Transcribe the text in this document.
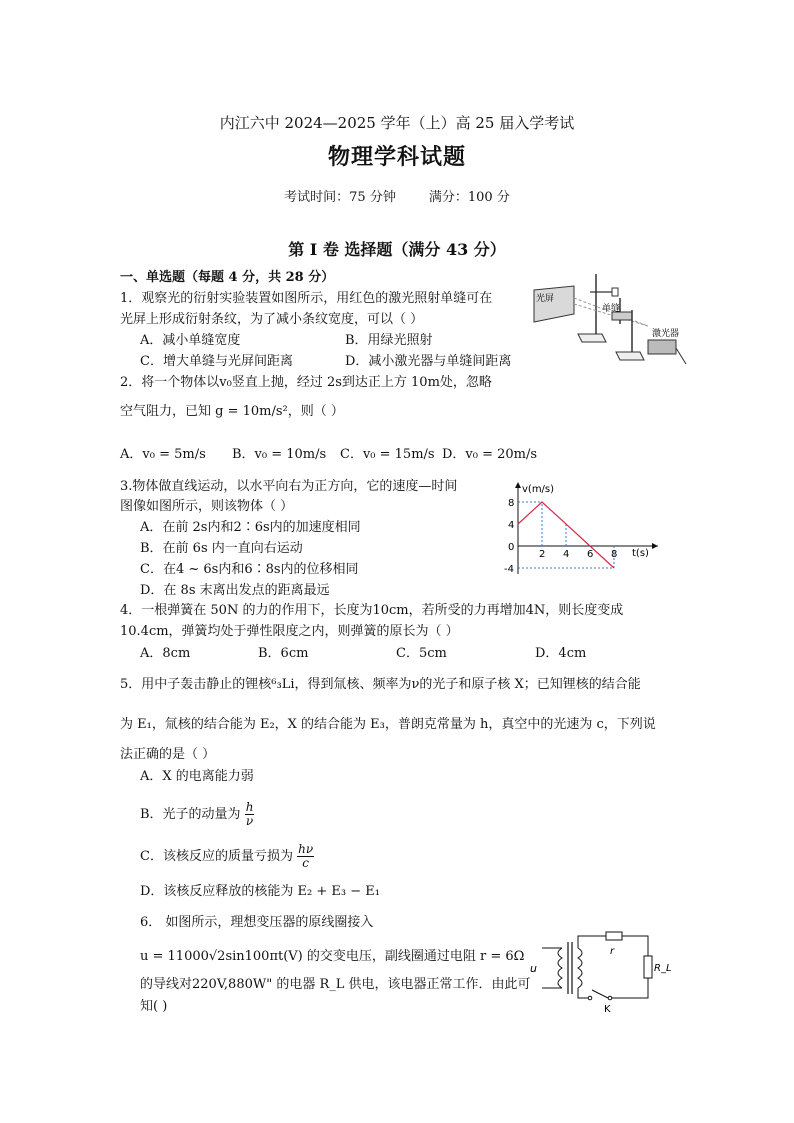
内江六中 2024—2025 学年（上）高 25 届入学考试
物理学科试题
考试时间：75 分钟        满分：100 分
第 I 卷 选择题（满分 43 分）
一、单选题（每题 4 分，共 28 分）
1．观察光的衍射实验装置如图所示，用红色的激光照射单缝可在
光屏上形成衍射条纹，为了减小条纹宽度，可以（ ）
A．减小单缝宽度	B．用绿光照射
C．增大单缝与光屏间距离	D．减小激光器与单缝间距离
光屏
单缝
激光器
2．将一个物体以v₀竖直上抛，经过 2s到达正上方 10m处，忽略
空气阻力，已知 g = 10m/s²，则（ ）
A．v₀ = 5m/s B．v₀ = 10m/s C．v₀ = 15m/s D．v₀ = 20m/s
3.物体做直线运动，以水平向右为正方向，它的速度—时间
图像如图所示，则该物体（ ）
A．在前 2s内和2∶6s内的加速度相同
B．在前 6s 内一直向右运动
C．在4 ~ 6s内和6∶8s内的位移相同
D．在 8s 末离出发点的距离最远
v(m/s)
t(s)
2 4 6 8
8
4
0
-4
4．一根弹簧在 50N 的力的作用下，长度为10cm，若所受的力再增加4N，则长度变成
10.4cm，弹簧均处于弹性限度之内，则弹簧的原长为（ ）
A．8cm	B．6cm	C．5cm	D．4cm
5．用中子轰击静止的锂核⁶₃Li，得到氚核、频率为ν的光子和原子核 X；已知锂核的结合能
为 E₁，氚核的结合能为 E₂，X 的结合能为 E₃，普朗克常量为 h，真空中的光速为 c，下列说
法正确的是（ ）
A．X 的电离能力弱
B．光子的动量为 $\frac{h}{\nu}$
C．该核反应的质量亏损为 $\frac{h\nu}{c}$
D．该核反应释放的核能为 E₂ + E₃ − E₁
6． 如图所示，理想变压器的原线圈接入
u = 11000√2sin100πt(V) 的交变电压，副线圈通过电阻 r = 6Ω
的导线对220V,880W" 的电器 R_L 供电，该电器正常工作．由此可
知( )
u
r
R_L
K
